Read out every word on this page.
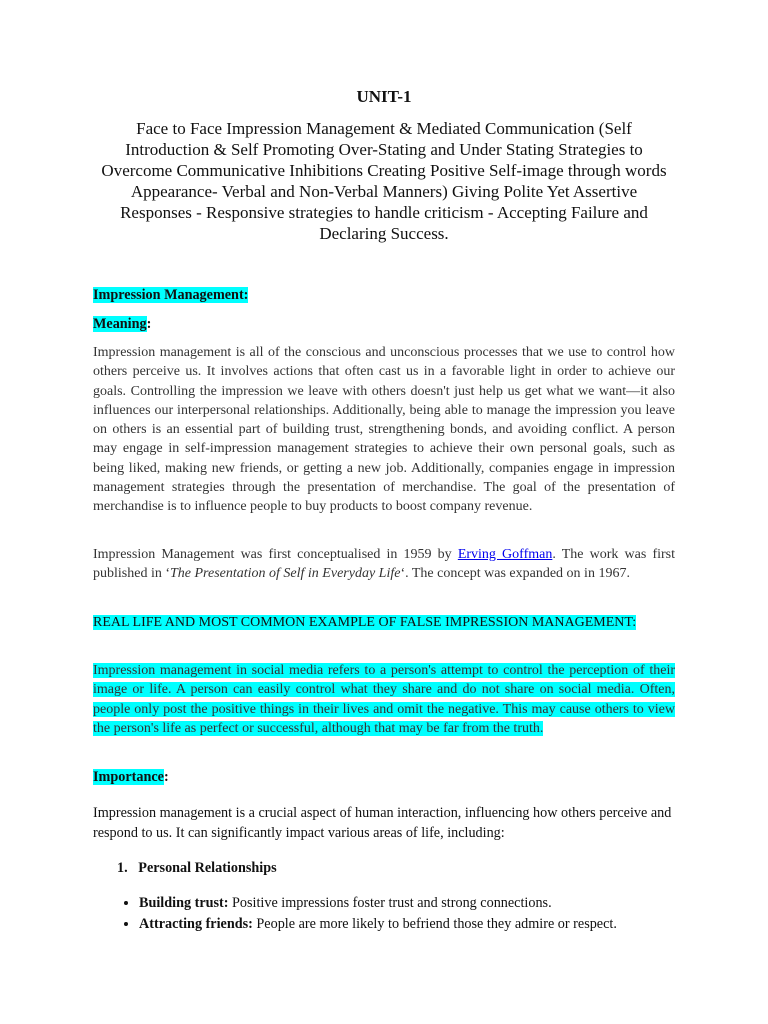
UNIT-1
Face to Face Impression Management & Mediated Communication (Self Introduction & Self Promoting Over-Stating and Under Stating Strategies to Overcome Communicative Inhibitions Creating Positive Self-image through words Appearance- Verbal and Non-Verbal Manners) Giving Polite Yet Assertive Responses - Responsive strategies to handle criticism - Accepting Failure and Declaring Success.

Impression Management:

Meaning:

Impression management is all of the conscious and unconscious processes that we use to control how others perceive us. It involves actions that often cast us in a favorable light in order to achieve our goals. Controlling the impression we leave with others doesn't just help us get what we want—it also influences our interpersonal relationships. Additionally, being able to manage the impression you leave on others is an essential part of building trust, strengthening bonds, and avoiding conflict. A person may engage in self-impression management strategies to achieve their own personal goals, such as being liked, making new friends, or getting a new job. Additionally, companies engage in impression management strategies through the presentation of merchandise. The goal of the presentation of merchandise is to influence people to buy products to boost company revenue.

Impression Management was first conceptualised in 1959 by Erving Goffman. The work was first published in ‘The Presentation of Self in Everyday Life‘. The concept was expanded on in 1967.

REAL LIFE AND MOST COMMON EXAMPLE OF FALSE IMPRESSION MANAGEMENT:

Impression management in social media refers to a person's attempt to control the perception of their image or life. A person can easily control what they share and do not share on social media. Often, people only post the positive things in their lives and omit the negative. This may cause others to view the person's life as perfect or successful, although that may be far from the truth.

Importance:

Impression management is a crucial aspect of human interaction, influencing how others perceive and respond to us. It can significantly impact various areas of life, including:

1.   Personal Relationships

• Building trust: Positive impressions foster trust and strong connections.
• Attracting friends: People are more likely to befriend those they admire or respect.
